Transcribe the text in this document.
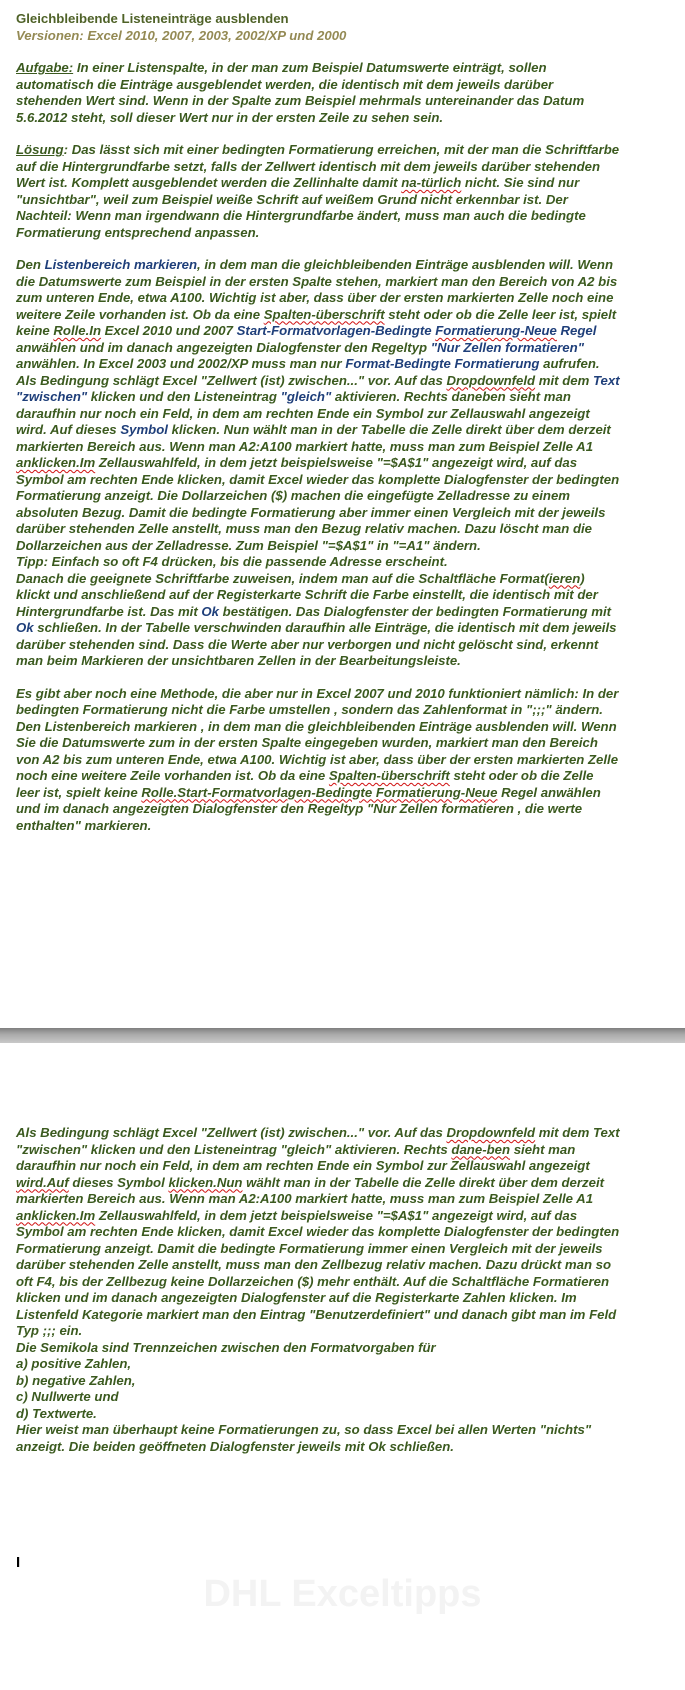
Gleichbleibende Listeneinträge ausblenden

Versionen: Excel 2010, 2007, 2003, 2002/XP und 2000

Aufgabe: In einer Listenspalte, in der man zum Beispiel Datumswerte einträgt, sollen automatisch die Einträge ausgeblendet werden, die identisch mit dem jeweils darüber stehenden Wert sind. Wenn in der Spalte zum Beispiel mehrmals untereinander das Datum 5.6.2012 steht, soll dieser Wert nur in der ersten Zeile zu sehen sein.

Lösung: Das lässt sich mit einer bedingten Formatierung erreichen, mit der man die Schriftfarbe auf die Hintergrundfarbe setzt, falls der Zellwert identisch mit dem jeweils darüber stehenden Wert ist. Komplett ausgeblendet werden die Zellinhalte damit na-türlich nicht. Sie sind nur "unsichtbar", weil zum Beispiel weiße Schrift auf weißem Grund nicht erkennbar ist. Der Nachteil: Wenn man irgendwann die Hintergrundfarbe ändert, muss man auch die bedingte Formatierung entsprechend anpassen.

Den Listenbereich markieren, in dem man die gleichbleibenden Einträge ausblenden will. Wenn die Datumswerte zum Beispiel in der ersten Spalte stehen, markiert man den Bereich von A2 bis zum unteren Ende, etwa A100. Wichtig ist aber, dass über der ersten markierten Zelle noch eine weitere Zeile vorhanden ist. Ob da eine Spalten-überschrift steht oder ob die Zelle leer ist, spielt keine Rolle.In Excel 2010 und 2007 Start-Formatvorlagen-Bedingte Formatierung-Neue Regel anwählen und im danach angezeigten Dialogfenster den Regeltyp "Nur Zellen formatieren" anwählen. In Excel 2003 und 2002/XP muss man nur Format-Bedingte Formatierung aufrufen.

Als Bedingung schlägt Excel "Zellwert (ist) zwischen..." vor. Auf das Dropdownfeld mit dem Text "zwischen" klicken und den Listeneintrag "gleich" aktivieren. Rechts daneben sieht man daraufhin nur noch ein Feld, in dem am rechten Ende ein Symbol zur Zellauswahl angezeigt wird. Auf dieses Symbol klicken. Nun wählt man in der Tabelle die Zelle direkt über dem derzeit markierten Bereich aus. Wenn man A2:A100 markiert hatte, muss man zum Beispiel Zelle A1 anklicken.Im Zellauswahlfeld, in dem jetzt beispielsweise "=$A$1" angezeigt wird, auf das Symbol am rechten Ende klicken, damit Excel wieder das komplette Dialogfenster der bedingten Formatierung anzeigt. Die Dollarzeichen ($) machen die eingefügte Zelladresse zu einem absoluten Bezug. Damit die bedingte Formatierung aber immer einen Vergleich mit der jeweils darüber stehenden Zelle anstellt, muss man den Bezug relativ machen. Dazu löscht man die Dollarzeichen aus der Zelladresse. Zum Beispiel "=$A$1" in "=A1" ändern.

Tipp: Einfach so oft F4 drücken, bis die passende Adresse erscheint.

Danach die geeignete Schriftfarbe zuweisen, indem man auf die Schaltfläche Format(ieren) klickt und anschließend auf der Registerkarte Schrift die Farbe einstellt, die identisch mit der Hintergrundfarbe ist. Das mit Ok bestätigen. Das Dialogfenster der bedingten Formatierung mit Ok schließen. In der Tabelle verschwinden daraufhin alle Einträge, die identisch mit dem jeweils darüber stehenden sind. Dass die Werte aber nur verborgen und nicht gelöscht sind, erkennt man beim Markieren der unsichtbaren Zellen in der Bearbeitungsleiste.

Es gibt aber noch eine Methode, die aber nur in Excel 2007 und 2010 funktioniert nämlich: In der bedingten Formatierung nicht die Farbe umstellen , sondern das Zahlenformat in ";;;" ändern.

Den Listenbereich markieren , in dem man die gleichbleibenden Einträge ausblenden will. Wenn Sie die Datumswerte zum in der ersten Spalte eingegeben wurden, markiert man den Bereich von A2 bis zum unteren Ende, etwa A100. Wichtig ist aber, dass über der ersten markierten Zelle noch eine weitere Zeile vorhanden ist. Ob da eine Spalten-überschrift steht oder ob die Zelle leer ist, spielt keine Rolle.Start-Formatvorlagen-Bedingte Formatierung-Neue Regel anwählen und im danach angezeigten Dialogfenster den Regeltyp "Nur Zellen formatieren , die werte enthalten" markieren.

DHL Exceltipps

Als Bedingung schlägt Excel "Zellwert (ist) zwischen..." vor. Auf das Dropdownfeld mit dem Text "zwischen" klicken und den Listeneintrag "gleich" aktivieren. Rechts dane-ben sieht man daraufhin nur noch ein Feld, in dem am rechten Ende ein Symbol zur Zellauswahl angezeigt wird.Auf dieses Symbol klicken.Nun wählt man in der Tabelle die Zelle direkt über dem derzeit markierten Bereich aus. Wenn man A2:A100 markiert hatte, muss man zum Beispiel Zelle A1 anklicken.Im Zellauswahlfeld, in dem jetzt beispielsweise "=$A$1" angezeigt wird, auf das Symbol am rechten Ende klicken, damit Excel wieder das komplette Dialogfenster der bedingten Formatierung anzeigt. Damit die bedingte Formatierung immer einen Vergleich mit der jeweils darüber stehenden Zelle anstellt, muss man den Zellbezug relativ machen. Dazu drückt man so oft F4, bis der Zellbezug keine Dollarzeichen ($) mehr enthält. Auf die Schaltfläche Formatieren klicken und im danach angezeigten Dialogfenster auf die Registerkarte Zahlen klicken. Im Listenfeld Kategorie markiert man den Eintrag "Benutzerdefiniert" und danach gibt man im Feld Typ ;;; ein.

Die Semikola sind Trennzeichen zwischen den Formatvorgaben für

a) positive Zahlen,

b) negative Zahlen,

c) Nullwerte und

d) Textwerte.

Hier weist man überhaupt keine Formatierungen zu, so dass Excel bei allen Werten "nichts" anzeigt. Die beiden geöffneten Dialogfenster jeweils mit Ok schließen.

I
